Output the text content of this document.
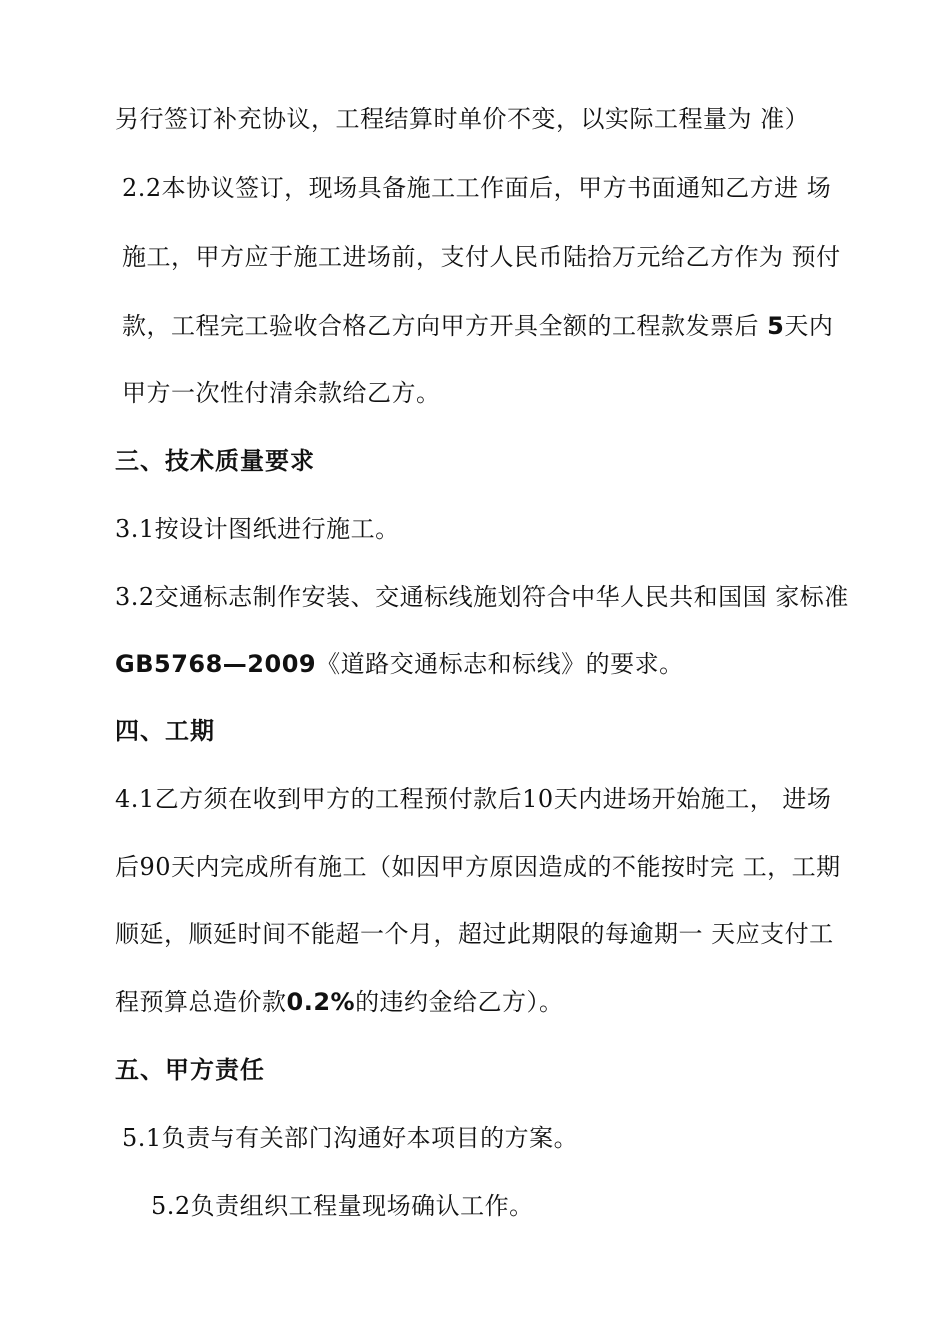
另行签订补充协议，工程结算时单价不变，以实际工程量为 准）
2.2本协议签订，现场具备施工工作面后，甲方书面通知乙方进 场
施工，甲方应于施工进场前，支付人民币陆拾万元给乙方作为 预付
款，工程完工验收合格乙方向甲方开具全额的工程款发票后 5天内
甲方一次性付清余款给乙方。
三、技术质量要求
3.1按设计图纸进行施工。
3.2交通标志制作安装、交通标线施划符合中华人民共和国国 家标准
GB5768—2009《道路交通标志和标线》的要求。
四、工期
4.1乙方须在收到甲方的工程预付款后10天内进场开始施工， 进场
后90天内完成所有施工（如因甲方原因造成的不能按时完 工，工期
顺延，顺延时间不能超一个月，超过此期限的每逾期一 天应支付工
程预算总造价款0.2%的违约金给乙方）。
五、甲方责任
5.1负责与有关部门沟通好本项目的方案。
5.2负责组织工程量现场确认工作。
